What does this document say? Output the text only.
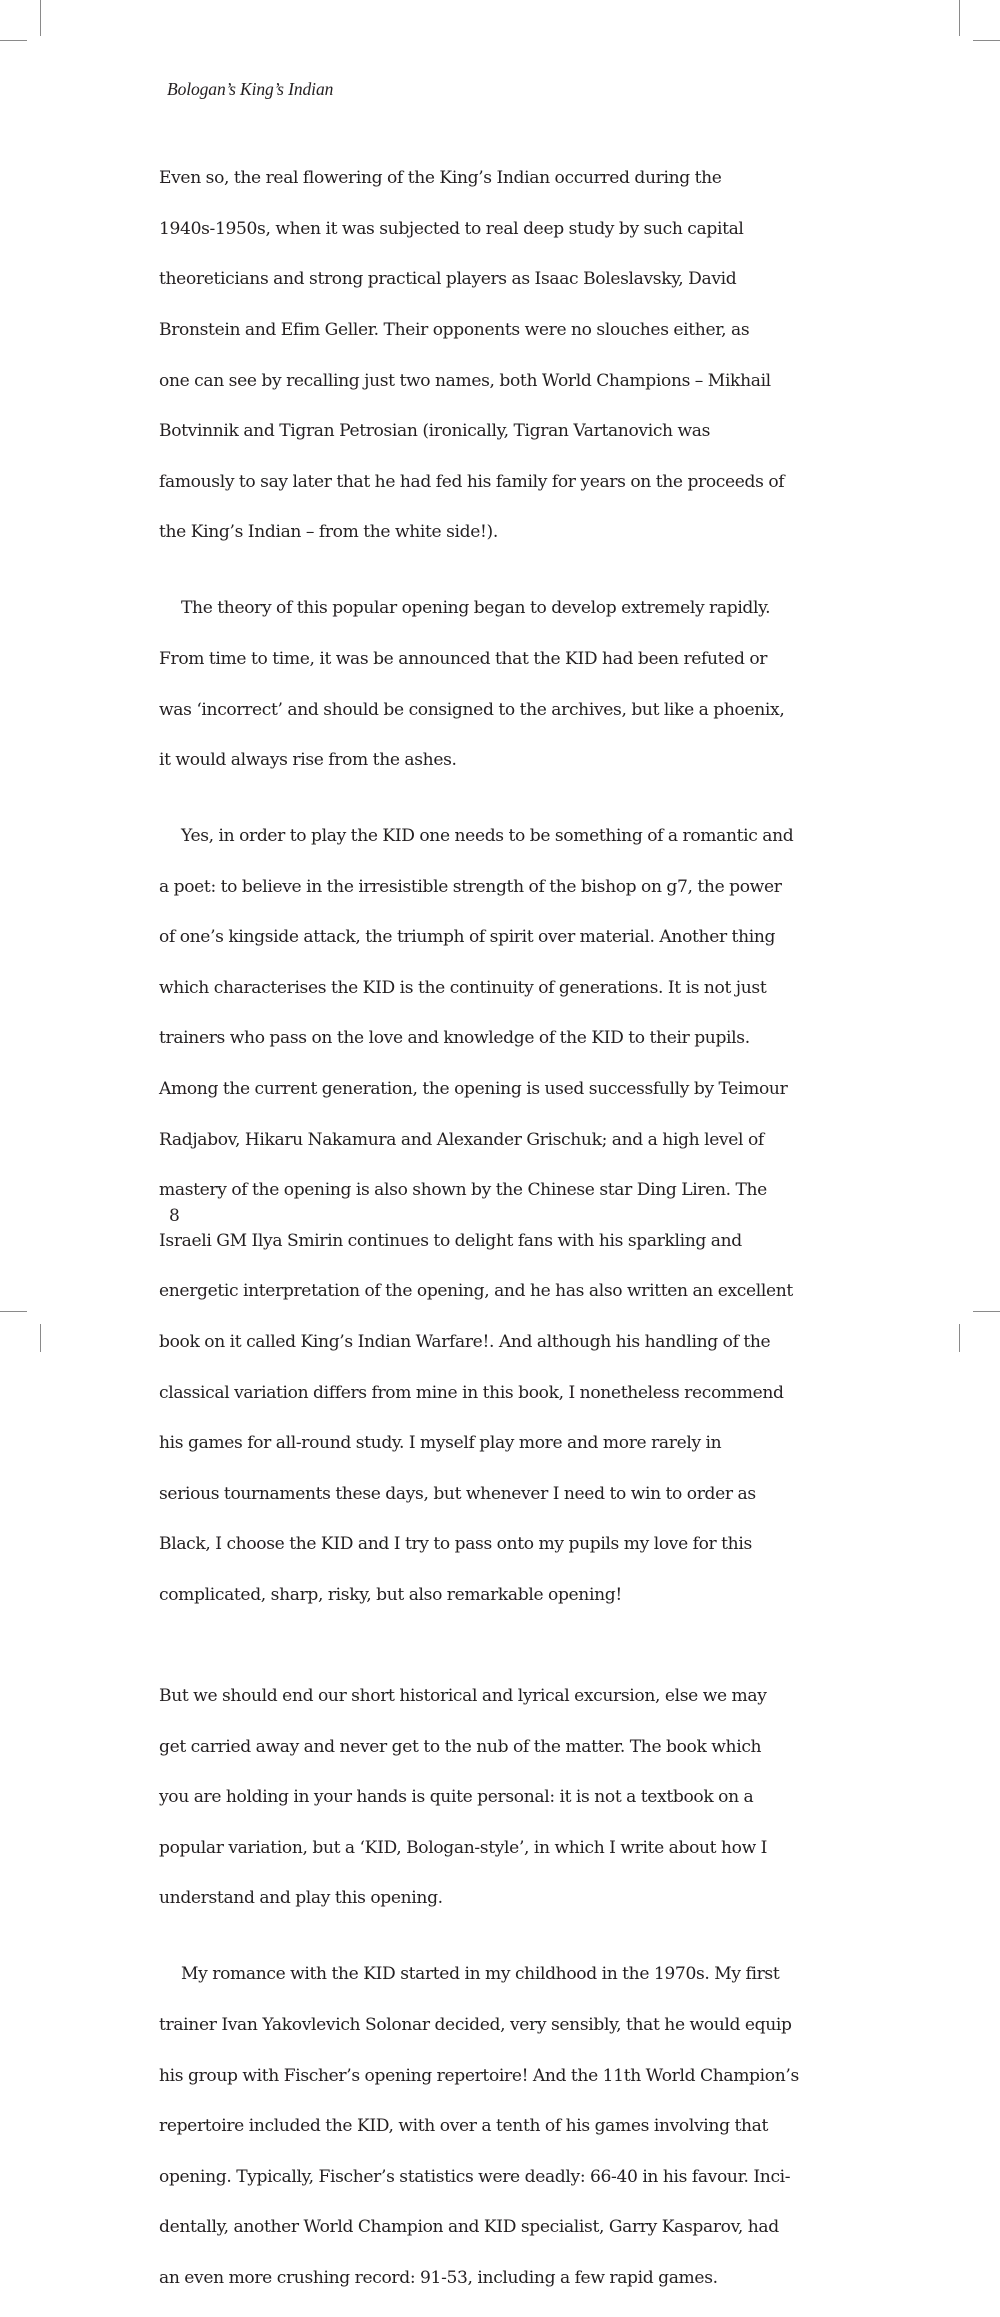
Bologan’s King’s Indian

Even so, the real flowering of the King’s Indian occurred during the

1940s-1950s, when it was subjected to real deep study by such capital

theoreticians and strong practical players as Isaac Boleslavsky, David

Bronstein and Efim Geller. Their opponents were no slouches either, as

one can see by recalling just two names, both World Champions – Mikhail

Botvinnik and Tigran Petrosian (ironically, Tigran Vartanovich was

famously to say later that he had fed his family for years on the proceeds of

the King’s Indian – from the white side!).

The theory of this popular opening began to develop extremely rapidly.

From time to time, it was be announced that the KID had been refuted or

was ‘incorrect’ and should be consigned to the archives, but like a phoenix,

it would always rise from the ashes.

Yes, in order to play the KID one needs to be something of a romantic and

a poet: to believe in the irresistible strength of the bishop on g7, the power

of one’s kingside attack, the triumph of spirit over material. Another thing

which characterises the KID is the continuity of generations. It is not just

trainers who pass on the love and knowledge of the KID to their pupils.

Among the current generation, the opening is used successfully by Teimour

Radjabov, Hikaru Nakamura and Alexander Grischuk; and a high level of

mastery of the opening is also shown by the Chinese star Ding Liren. The

Israeli GM Ilya Smirin continues to delight fans with his sparkling and

energetic interpretation of the opening, and he has also written an excellent

book on it called King’s Indian Warfare!. And although his handling of the

classical variation differs from mine in this book, I nonetheless recommend

his games for all-round study. I myself play more and more rarely in

serious tournaments these days, but whenever I need to win to order as

Black, I choose the KID and I try to pass onto my pupils my love for this

complicated, sharp, risky, but also remarkable opening!

But we should end our short historical and lyrical excursion, else we may

get carried away and never get to the nub of the matter. The book which

you are holding in your hands is quite personal: it is not a textbook on a

popular variation, but a ‘KID, Bologan-style’, in which I write about how I

understand and play this opening.

My romance with the KID started in my childhood in the 1970s. My first

trainer Ivan Yakovlevich Solonar decided, very sensibly, that he would equip

his group with Fischer’s opening repertoire! And the 11th World Champion’s

repertoire included the KID, with over a tenth of his games involving that

opening. Typically, Fischer’s statistics were deadly: 66-40 in his favour. Inci-

dentally, another World Champion and KID specialist, Garry Kasparov, had

an even more crushing record: 91-53, including a few rapid games.

8
